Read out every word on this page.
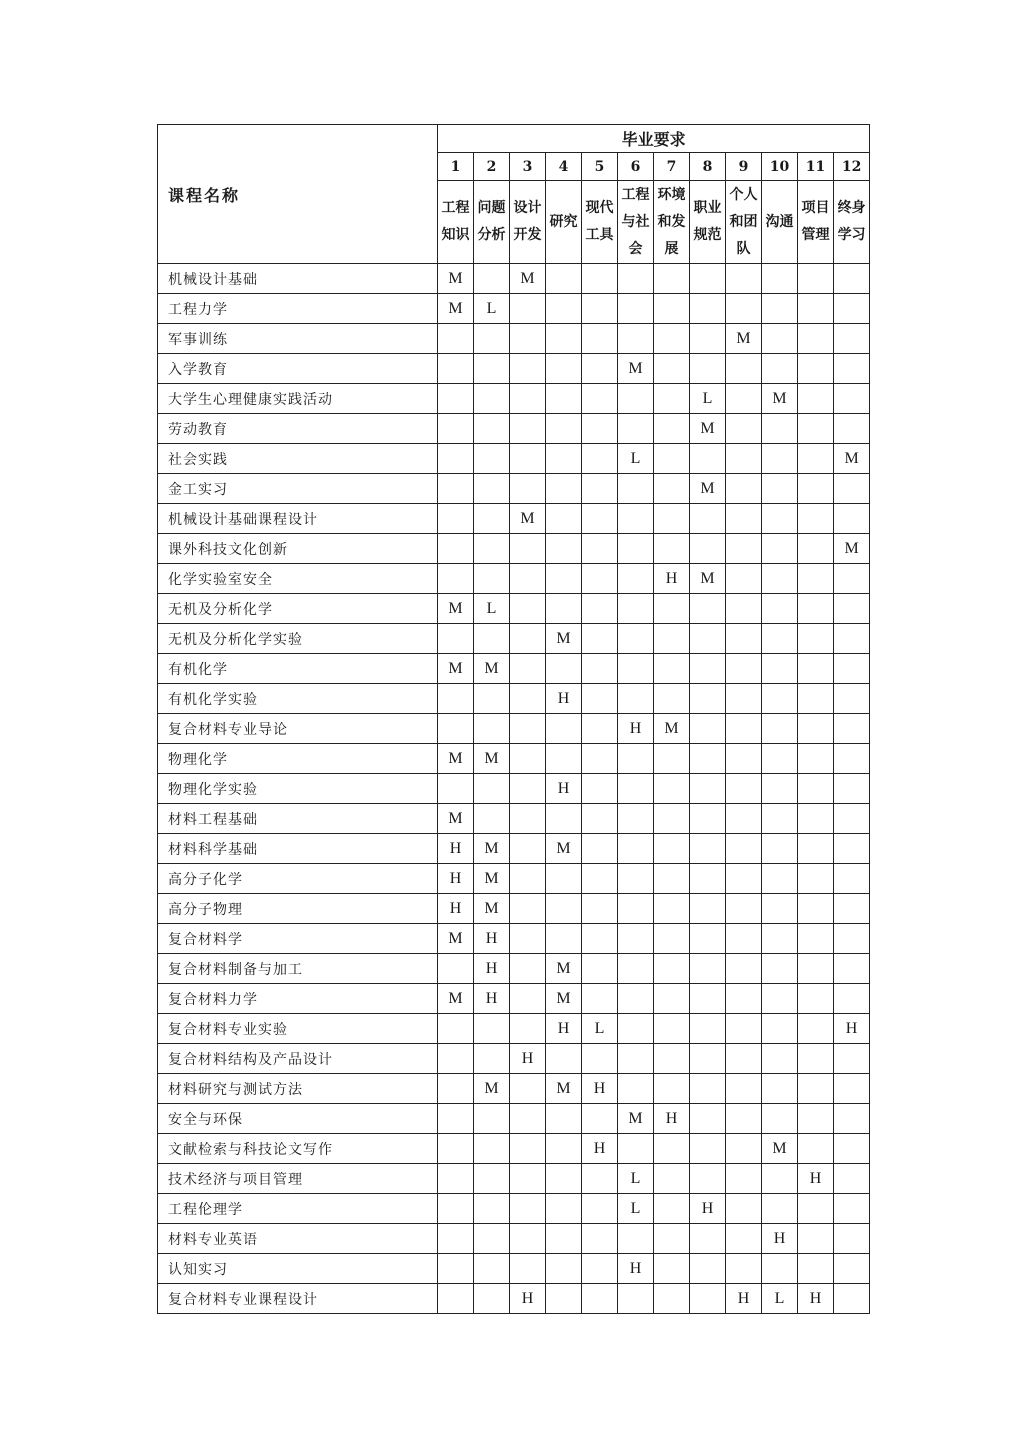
课程名称	毕业要求											
	1	2	3	4	5	6	7	8	9	10	11	12
	工程知识	问题分析	设计开发	研究	现代工具	工程与社会	环境和发展	职业规范	个人和团队	沟通	项目管理	终身学习
机械设计基础	M		M									
工程力学	M	L										
军事训练									M			
入学教育						M						
大学生心理健康实践活动								L		M		
劳动教育								M				
社会实践						L						M
金工实习								M				
机械设计基础课程设计			M									
课外科技文化创新												M
化学实验室安全							H	M				
无机及分析化学	M	L										
无机及分析化学实验				M								
有机化学	M	M										
有机化学实验				H								
复合材料专业导论						H	M					
物理化学	M	M										
物理化学实验				H								
材料工程基础	M											
材料科学基础	H	M		M								
高分子化学	H	M										
高分子物理	H	M										
复合材料学	M	H										
复合材料制备与加工		H		M								
复合材料力学	M	H		M								
复合材料专业实验				H	L							H
复合材料结构及产品设计			H									
材料研究与测试方法		M		M	H							
安全与环保						M	H					
文献检索与科技论文写作					H					M		
技术经济与项目管理						L					H	
工程伦理学						L		H				
材料专业英语										H		
认知实习						H						
复合材料专业课程设计			H						H	L	H	
